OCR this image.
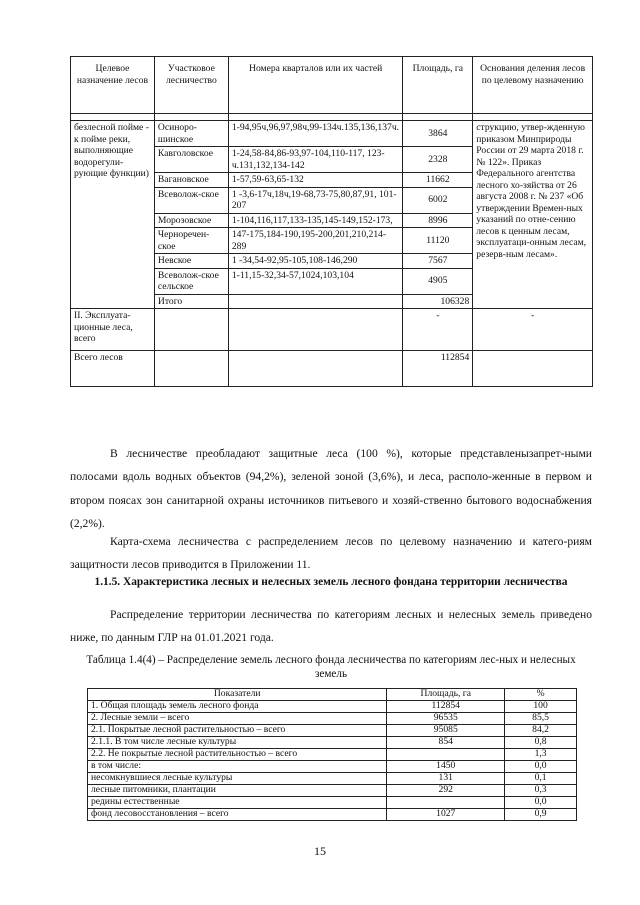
Целевое назначение лесов	Участковое лесничество	Номера кварталов или их частей	Площадь, га	Основания деления лесов по целевому назначению

безлесной пойме - к пойме реки, выполняющие водорегули-рующие функции)	Осиноро-шинское	1-94,95ч,96,97,98ч,99-134ч.135,136,137ч.	3864	струкцию, утвер-жденную приказом Минприроды России от 29 марта 2018 г. № 122». Приказ Федерального агентства лесного хо-зяйства от 26 августа 2008 г. № 237 «Об утверждении Времен-ных указаний по отне-сению лесов к ценным лесам, эксплуатаци-онным лесам, резерв-ным лесам».
	Кавголовское	1-24,58-84,86-93,97-104,110-117, 123-ч.131,132,134-142	2328	
	Вагановское	1-57,59-63,65-132	11662	
	Всеволож-ское	1 -3,6-17ч,18ч,19-68,73-75,80,87,91, 101-207	6002	
	Морозовское	1-104,116,117,133-135,145-149,152-173,	8996	
	Черноречен-ское	147-175,184-190,195-200,201,210,214-289	11120	
	Невское	1 -34,54-92,95-105,108-146,290	7567	
	Всеволож-ское сельское	1-11,15-32,34-57,1024,103,104	4905	
	Итого		106328	
II. Эксплуата-ционные леса, всего			-	-
Всего лесов			112854	

В лесничестве преобладают защитные леса (100 %), которые представленызапрет-ными полосами вдоль водных объектов (94,2%), зеленой зоной (3,6%), и леса, располо-женные в первом и втором поясах зон санитарной охраны источников питьевого и хозяй-ственно бытового водоснабжения (2,2%).

Карта-схема лесничества с распределением лесов по целевому назначению и катего-риям защитности лесов приводится в Приложении 11.

1.1.5. Характеристика лесных и нелесных земель лесного фондана территории лесничества

Распределение территории лесничества по категориям лесных и нелесных земель приведено ниже, по данным ГЛР на 01.01.2021 года.

Таблица 1.4(4) – Распределение земель лесного фонда лесничества по категориям лес-ных и нелесных земель
Показатели	Площадь, га	%
1. Общая площадь земель лесного фонда	112854	100
2. Лесные земли – всего	96535	85,5
2.1. Покрытые лесной растительностью – всего	95085	84,2
2.1.1. В том числе лесные культуры	854	0,8
2.2. Не покрытые лесной растительностью – всего		1,3
в том числе:	1450	0,0
несомкнувшиеся лесные культуры	131	0,1
лесные питомники, плантации	292	0,3
редины естественные		0,0
фонд лесовосстановления – всего	1027	0,9
15
